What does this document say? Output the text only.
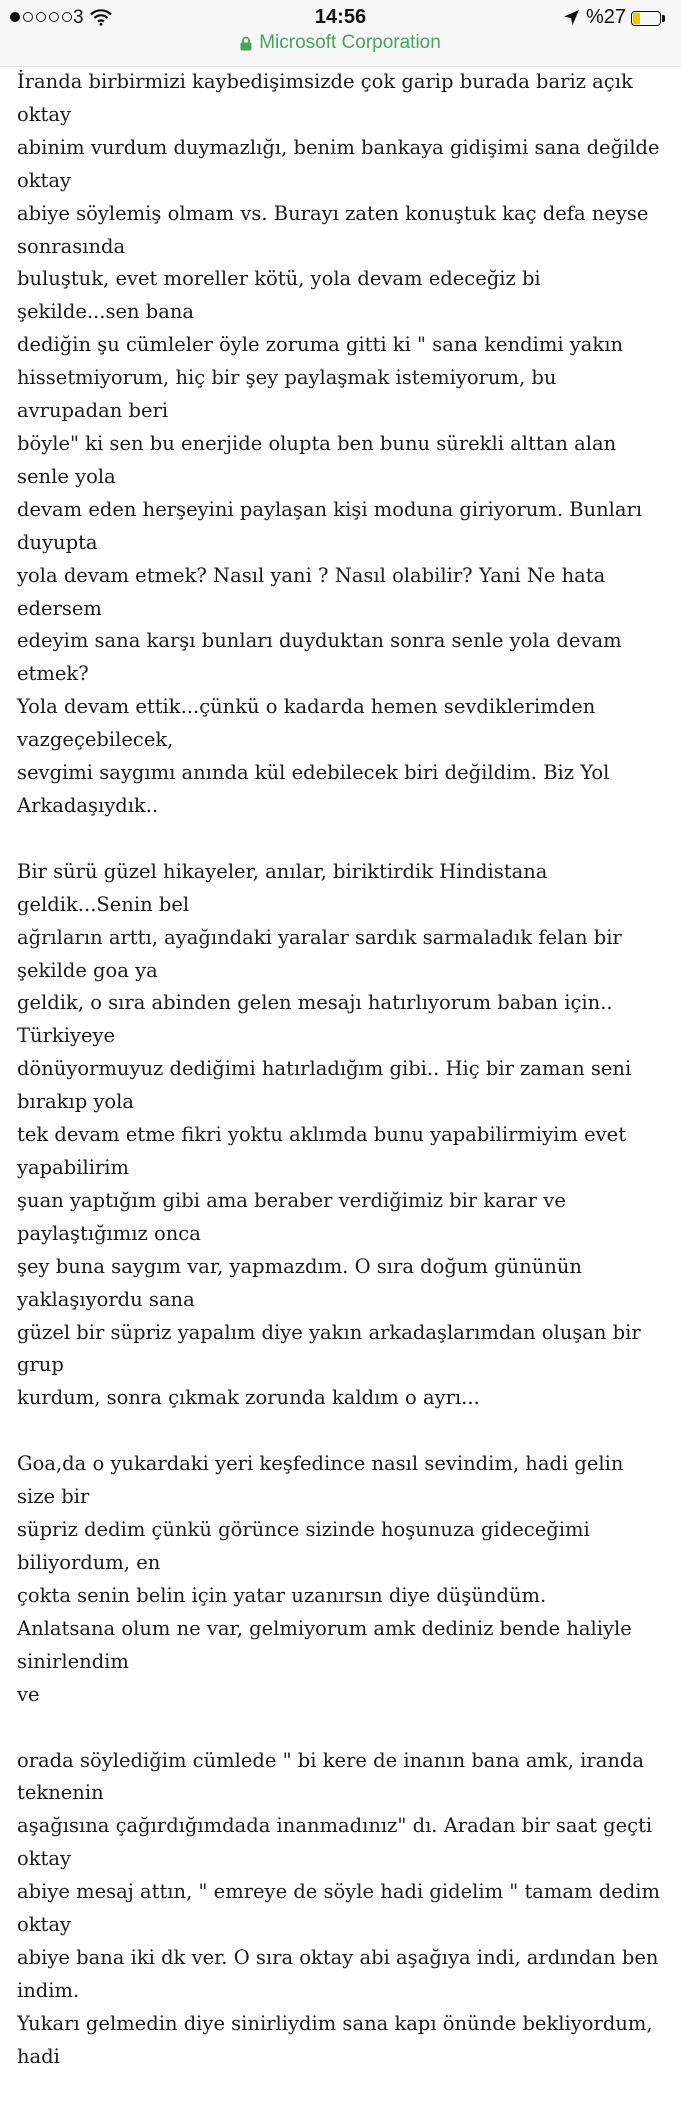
3	14:56	%27
Microsoft Corporation

İranda birbirmizi kaybedişimsizde çok garip burada bariz açık oktay
abinim vurdum duymazlığı, benim bankaya gidişimi sana değilde oktay
abiye söylemiş olmam vs. Burayı zaten konuştuk kaç defa neyse sonrasında
buluştuk, evet moreller kötü, yola devam edeceğiz bi şekilde...sen bana
dediğin şu cümleler öyle zoruma gitti ki " sana kendimi yakın
hissetmiyorum, hiç bir şey paylaşmak istemiyorum, bu avrupadan beri
böyle" ki sen bu enerjide olupta ben bunu sürekli alttan alan senle yola
devam eden herşeyini paylaşan kişi moduna giriyorum. Bunları duyupta
yola devam etmek? Nasıl yani ? Nasıl olabilir? Yani Ne hata edersem
edeyim sana karşı bunları duyduktan sonra senle yola devam etmek?
Yola devam ettik...çünkü o kadarda hemen sevdiklerimden vazgeçebilecek,
sevgimi saygımı anında kül edebilecek biri değildim. Biz Yol
Arkadaşıydık..

Bir sürü güzel hikayeler, anılar, biriktirdik Hindistana geldik...Senin bel
ağrıların arttı, ayağındaki yaralar sardık sarmaladık felan bir şekilde goa ya
geldik, o sıra abinden gelen mesajı hatırlıyorum baban için.. Türkiyeye
dönüyormuyuz dediğimi hatırladığım gibi.. Hiç bir zaman seni bırakıp yola
tek devam etme fikri yoktu aklımda bunu yapabilirmiyim evet yapabilirim
şuan yaptığım gibi ama beraber verdiğimiz bir karar ve paylaştığımız onca
şey buna saygım var, yapmazdım. O sıra doğum gününün yaklaşıyordu sana
güzel bir süpriz yapalım diye yakın arkadaşlarımdan oluşan bir grup
kurdum, sonra çıkmak zorunda kaldım o ayrı...

Goa,da o yukardaki yeri keşfedince nasıl sevindim, hadi gelin size bir
süpriz dedim çünkü görünce sizinde hoşunuza gideceğimi biliyordum, en
çokta senin belin için yatar uzanırsın diye düşündüm.
Anlatsana olum ne var, gelmiyorum amk dediniz bende haliyle sinirlendim
ve

orada söylediğim cümlede " bi kere de inanın bana amk, iranda teknenin
aşağısına çağırdığımdada inanmadınız" dı. Aradan bir saat geçti oktay
abiye mesaj attın, " emreye de söyle hadi gidelim " tamam dedim oktay
abiye bana iki dk ver. O sıra oktay abi aşağıya indi, ardından ben indim.
Yukarı gelmedin diye sinirliydim sana kapı önünde bekliyordum, hadi
